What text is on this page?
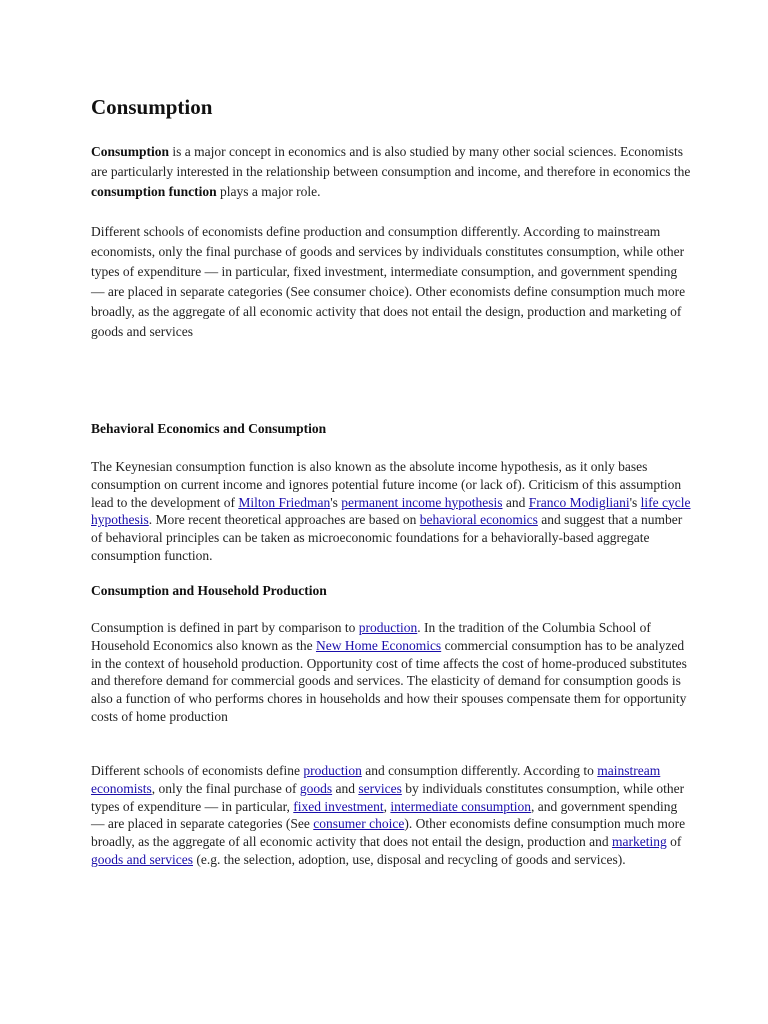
Consumption

Consumption is a major concept in economics and is also studied by many other social sciences. Economists are particularly interested in the relationship between consumption and income, and therefore in economics the consumption function plays a major role.

Different schools of economists define production and consumption differently. According to mainstream economists, only the final purchase of goods and services by individuals constitutes consumption, while other types of expenditure — in particular, fixed investment, intermediate consumption, and government spending — are placed in separate categories (See consumer choice). Other economists define consumption much more broadly, as the aggregate of all economic activity that does not entail the design, production and marketing of goods and services

Behavioral Economics and Consumption

The Keynesian consumption function is also known as the absolute income hypothesis, as it only bases consumption on current income and ignores potential future income (or lack of). Criticism of this assumption lead to the development of Milton Friedman's permanent income hypothesis and Franco Modigliani's life cycle hypothesis. More recent theoretical approaches are based on behavioral economics and suggest that a number of behavioral principles can be taken as microeconomic foundations for a behaviorally-based aggregate consumption function.

Consumption and Household Production

Consumption is defined in part by comparison to production. In the tradition of the Columbia School of Household Economics also known as the New Home Economics commercial consumption has to be analyzed in the context of household production. Opportunity cost of time affects the cost of home-produced substitutes and therefore demand for commercial goods and services. The elasticity of demand for consumption goods is also a function of who performs chores in households and how their spouses compensate them for opportunity costs of home production

Different schools of economists define production and consumption differently. According to mainstream economists, only the final purchase of goods and services by individuals constitutes consumption, while other types of expenditure — in particular, fixed investment, intermediate consumption, and government spending — are placed in separate categories (See consumer choice). Other economists define consumption much more broadly, as the aggregate of all economic activity that does not entail the design, production and marketing of goods and services (e.g. the selection, adoption, use, disposal and recycling of goods and services).
